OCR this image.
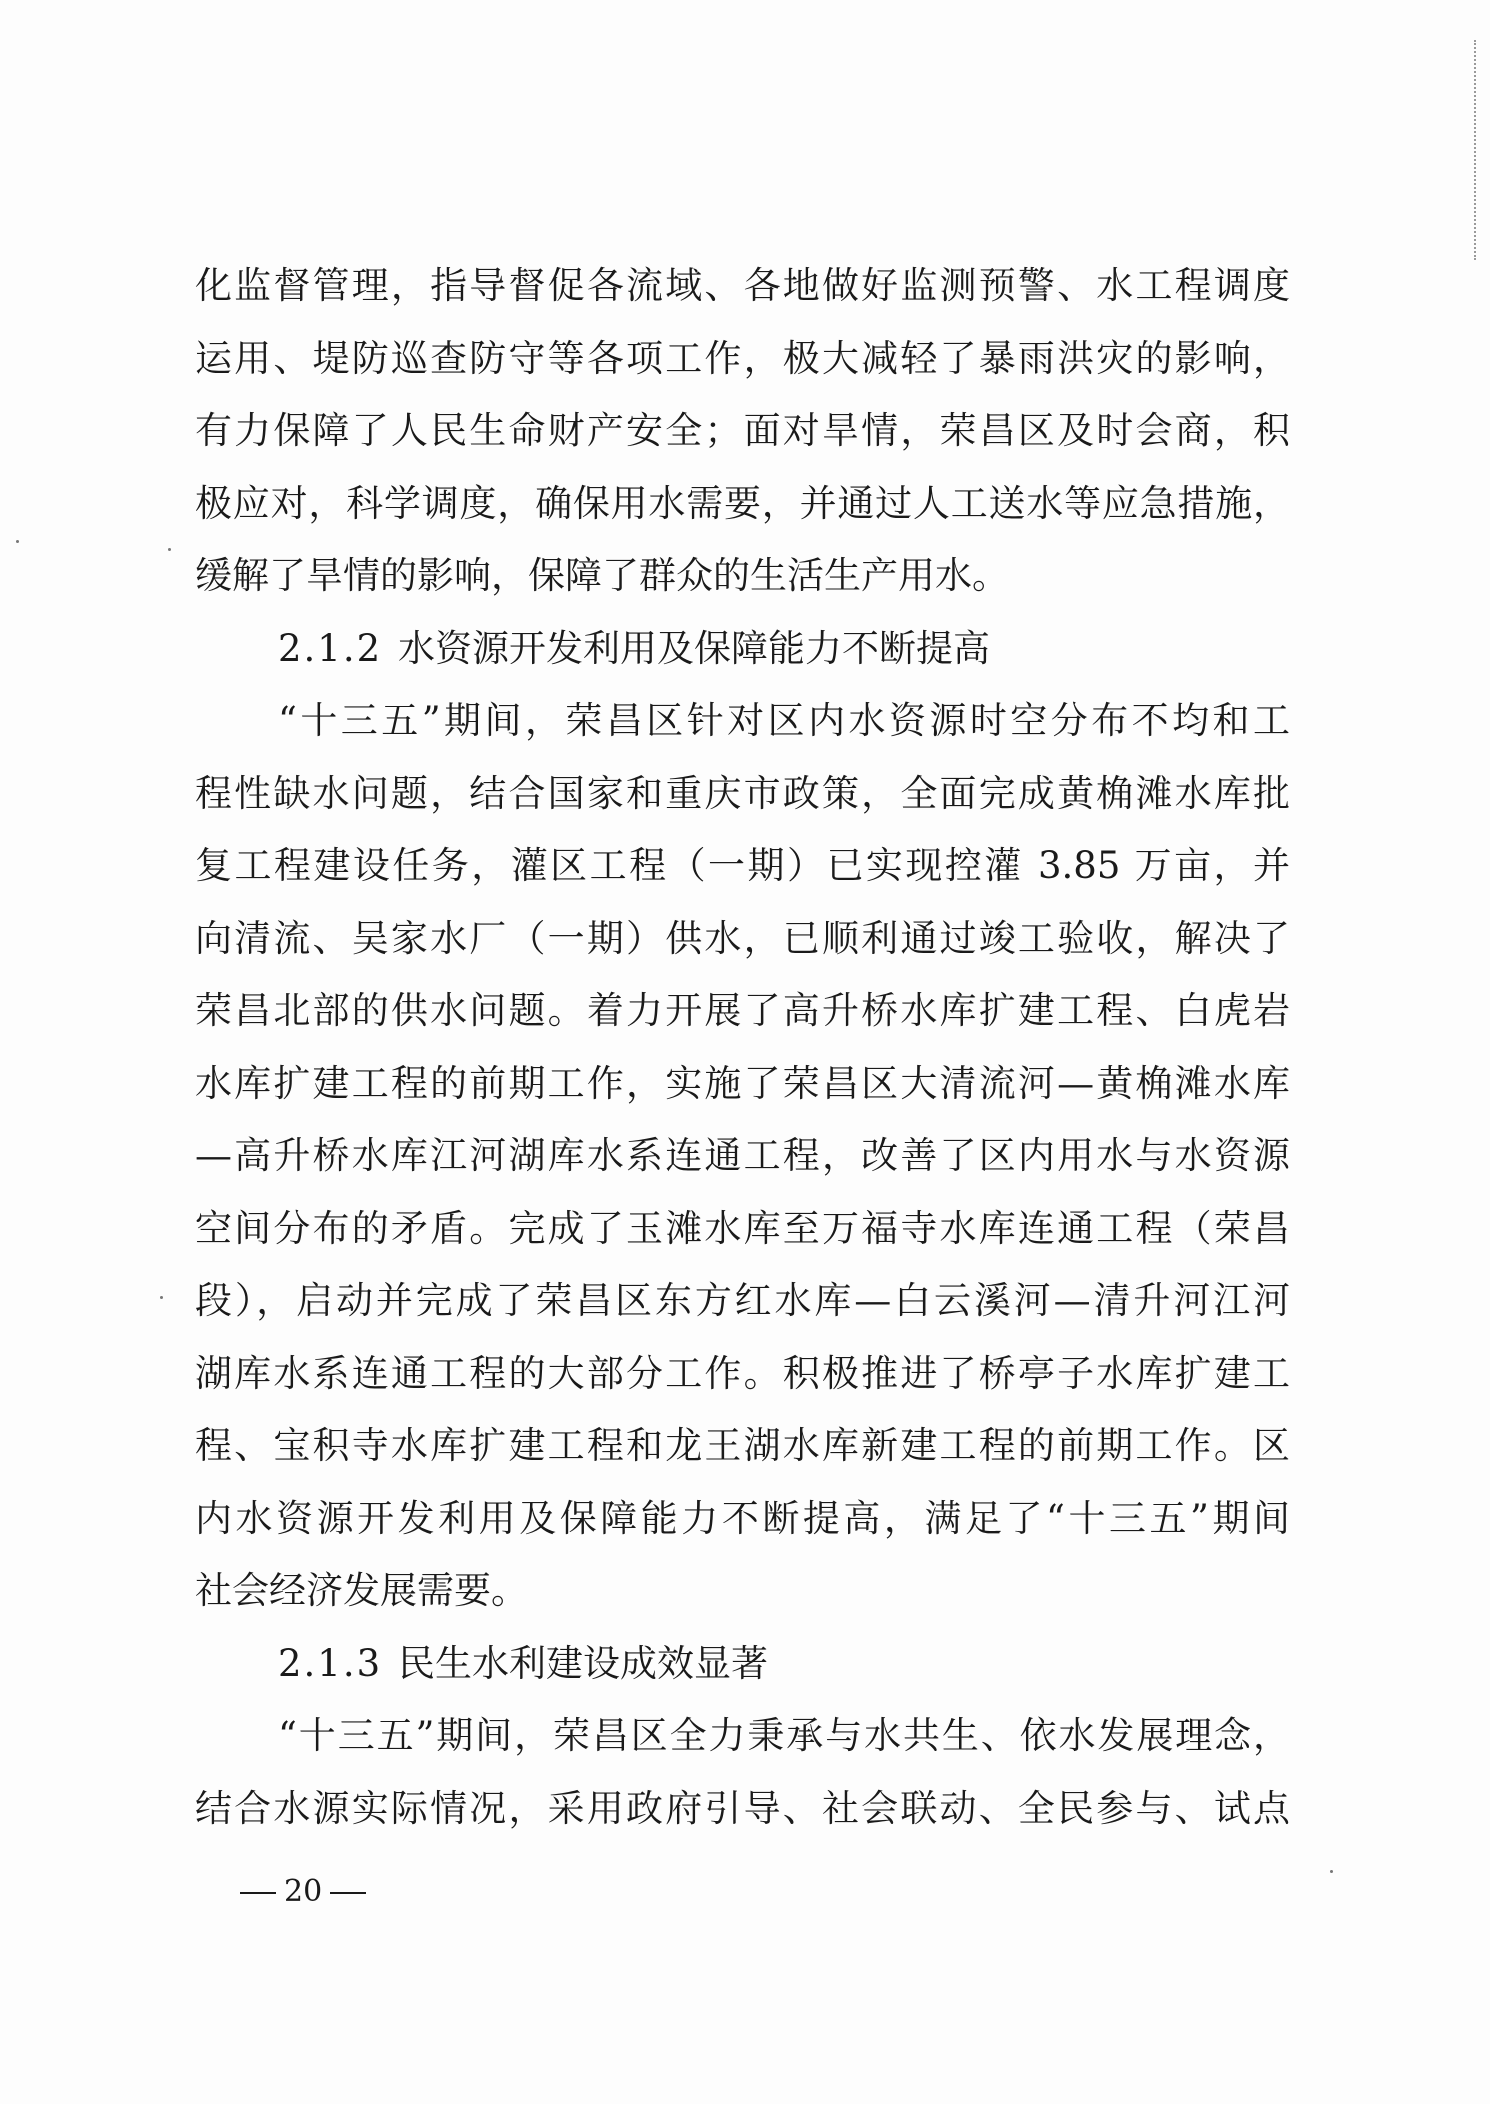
化监督管理，指导督促各流域、各地做好监测预警、水工程调度
运用、堤防巡查防守等各项工作，极大减轻了暴雨洪灾的影响，
有力保障了人民生命财产安全；面对旱情，荣昌区及时会商，积
极应对，科学调度，确保用水需要，并通过人工送水等应急措施，
缓解了旱情的影响，保障了群众的生活生产用水。
2.1.2 水资源开发利用及保障能力不断提高
“十三五”期间，荣昌区针对区内水资源时空分布不均和工
程性缺水问题，结合国家和重庆市政策，全面完成黄桷滩水库批
复工程建设任务，灌区工程（一期）已实现控灌 3.85 万亩，并
向清流、吴家水厂（一期）供水，已顺利通过竣工验收，解决了
荣昌北部的供水问题。着力开展了高升桥水库扩建工程、白虎岩
水库扩建工程的前期工作，实施了荣昌区大清流河—黄桷滩水库
—高升桥水库江河湖库水系连通工程，改善了区内用水与水资源
空间分布的矛盾。完成了玉滩水库至万福寺水库连通工程（荣昌
段），启动并完成了荣昌区东方红水库—白云溪河—清升河江河
湖库水系连通工程的大部分工作。积极推进了桥亭子水库扩建工
程、宝积寺水库扩建工程和龙王湖水库新建工程的前期工作。区
内水资源开发利用及保障能力不断提高，满足了“十三五”期间
社会经济发展需要。
2.1.3 民生水利建设成效显著
“十三五”期间，荣昌区全力秉承与水共生、依水发展理念，
结合水源实际情况，采用政府引导、社会联动、全民参与、试点
20
